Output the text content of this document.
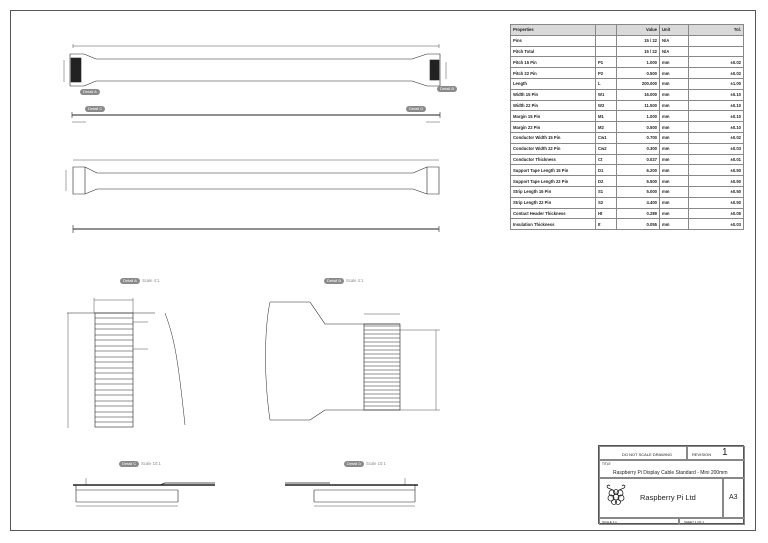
Detail A
Detail B
Detail C	Detail D
Detail A	Scale 4:1	Detail B	Scale 4:1
Detail C	Scale 10:1	Detail D	Scale 10:1
Properties		Value	Unit	Tol.
Pins		15 / 22	N/A	
Pitch Total		15 / 22	N/A	
Pitch 15 Pin	P1	1.000	mm	±0.02
Pitch 22 Pin	P2	0.500	mm	±0.02
Length	L	200.000	mm	±1.00
Width 15 Pin	W1	16.000	mm	±0.10
Width 22 Pin	W2	11.500	mm	±0.10
Margin 15 Pin	M1	1.000	mm	±0.10
Margin 22 Pin	M2	0.500	mm	±0.10
Conductor Width 15 Pin	Cw1	0.700	mm	±0.02
Conductor Width 22 Pin	Cw2	0.300	mm	±0.03
Conductor Thickness	Ct	0.027	mm	±0.01
Support Tape Length 15 Pin	D1	6.200	mm	±0.50
Support Tape Length 22 Pin	D2	5.500	mm	±0.50
Strip Length 15 Pin	S1	5.000	mm	±0.50
Strip Length 22 Pin	S2	4.400	mm	±0.50
Contact Header Thickness	Ht	0.289	mm	±0.05
Insulation Thickness	It	0.055	mm	±0.03
DO NOT SCALE DRAWING	REVISION 1
TITLE
Raspberry Pi Display Cable Standard - Mini 200mm
Raspberry Pi Ltd	A3
SCALE 1:1	SHEET 1 OF 1
